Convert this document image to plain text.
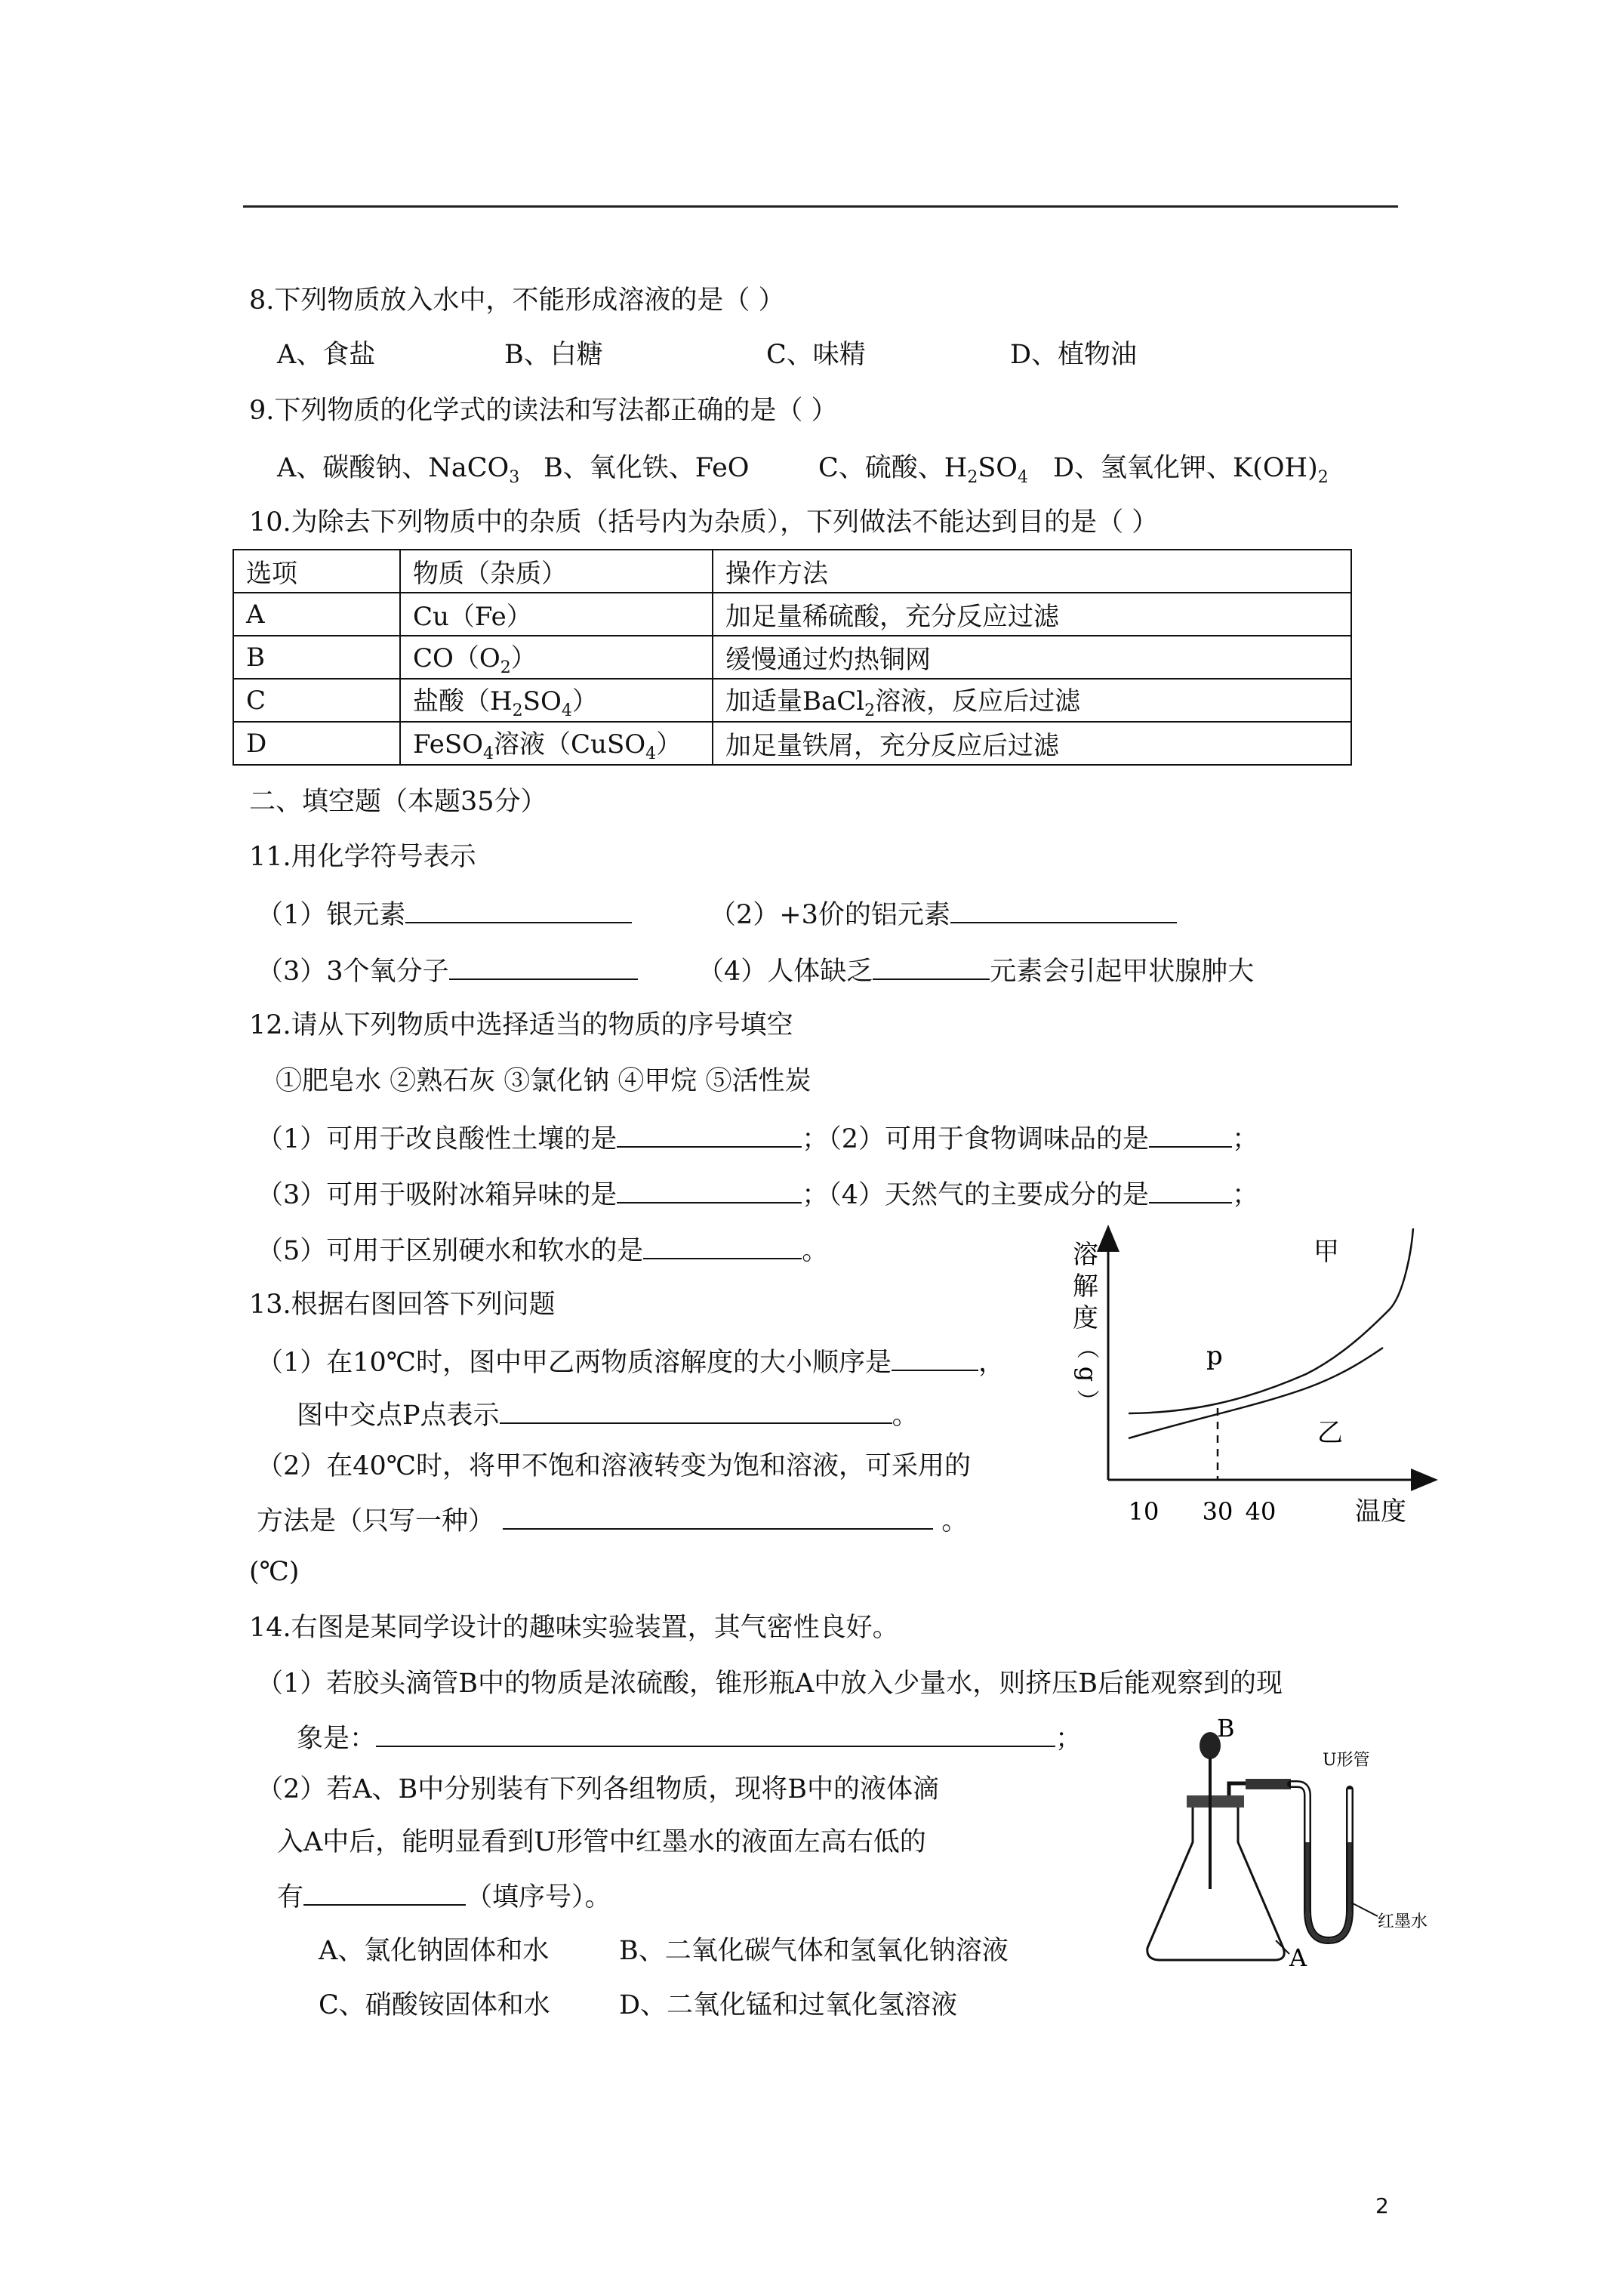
8.下列物质放入水中，不能形成溶液的是（ ）
A、食盐	B、白糖	C、味精	D、植物油
9.下列物质的化学式的读法和写法都正确的是（ ）
A、碳酸钠、NaCO$_3$ B、氧化铁、FeO	C、硫酸、$H_2SO_4$ D、氢氧化钾、$K(OH)_2$
10.为除去下列物质中的杂质（括号内为杂质），下列做法不能达到目的是（ ）
选项	物质（杂质）	操作方法
A	Cu（Fe）	加足量稀硫酸，充分反应过滤
B	$CO(O_2)$	缓慢通过灼热铜网
C	盐酸$(H_2SO_4)$	加适量BaCl$_2$溶液，反应后过滤
D	FeSO$_4$溶液（CuSO$_4$）	加足量铁屑，充分反应后过滤
二、填空题（本题35分）
11.用化学符号表示
（1）银元素	（2）+3价的铝元素
（3）3个氧分子	（4）人体缺乏	元素会引起甲状腺肿大
12.请从下列物质中选择适当的物质的序号填空
①肥皂水 ②熟石灰 ③氯化钠 ④甲烷 ⑤活性炭
（1）可用于改良酸性土壤的是	；（2）可用于食物调味品的是	；
（3）可用于吸附冰箱异味的是	；（4）天然气的主要成分的是	；
（5）可用于区别硬水和软水的是	。
13.根据右图回答下列问题
（1）在10℃时，图中甲乙两物质溶解度的大小顺序是	，
图中交点P点表示	。
（2）在40℃时，将甲不饱和溶液转变为饱和溶液，可采用的
方法是（只写一种）	。
(℃)
溶
解
度
（
g
）
p
甲
乙
10 30 40	温度
14.右图是某同学设计的趣味实验装置，其气密性良好。
（1）若胶头滴管B中的物质是浓硫酸，锥形瓶A中放入少量水，则挤压B后能观察到的现
象是：	；
（2）若A、B中分别装有下列各组物质，现将B中的液体滴
入A中后，能明显看到U形管中红墨水的液面左高右低的
有	（填序号）。
A、氯化钠固体和水	B、二氧化碳气体和氢氧化钠溶液
C、硝酸铵固体和水	D、二氧化锰和过氧化氢溶液
B
U形管
红墨水
A
2
